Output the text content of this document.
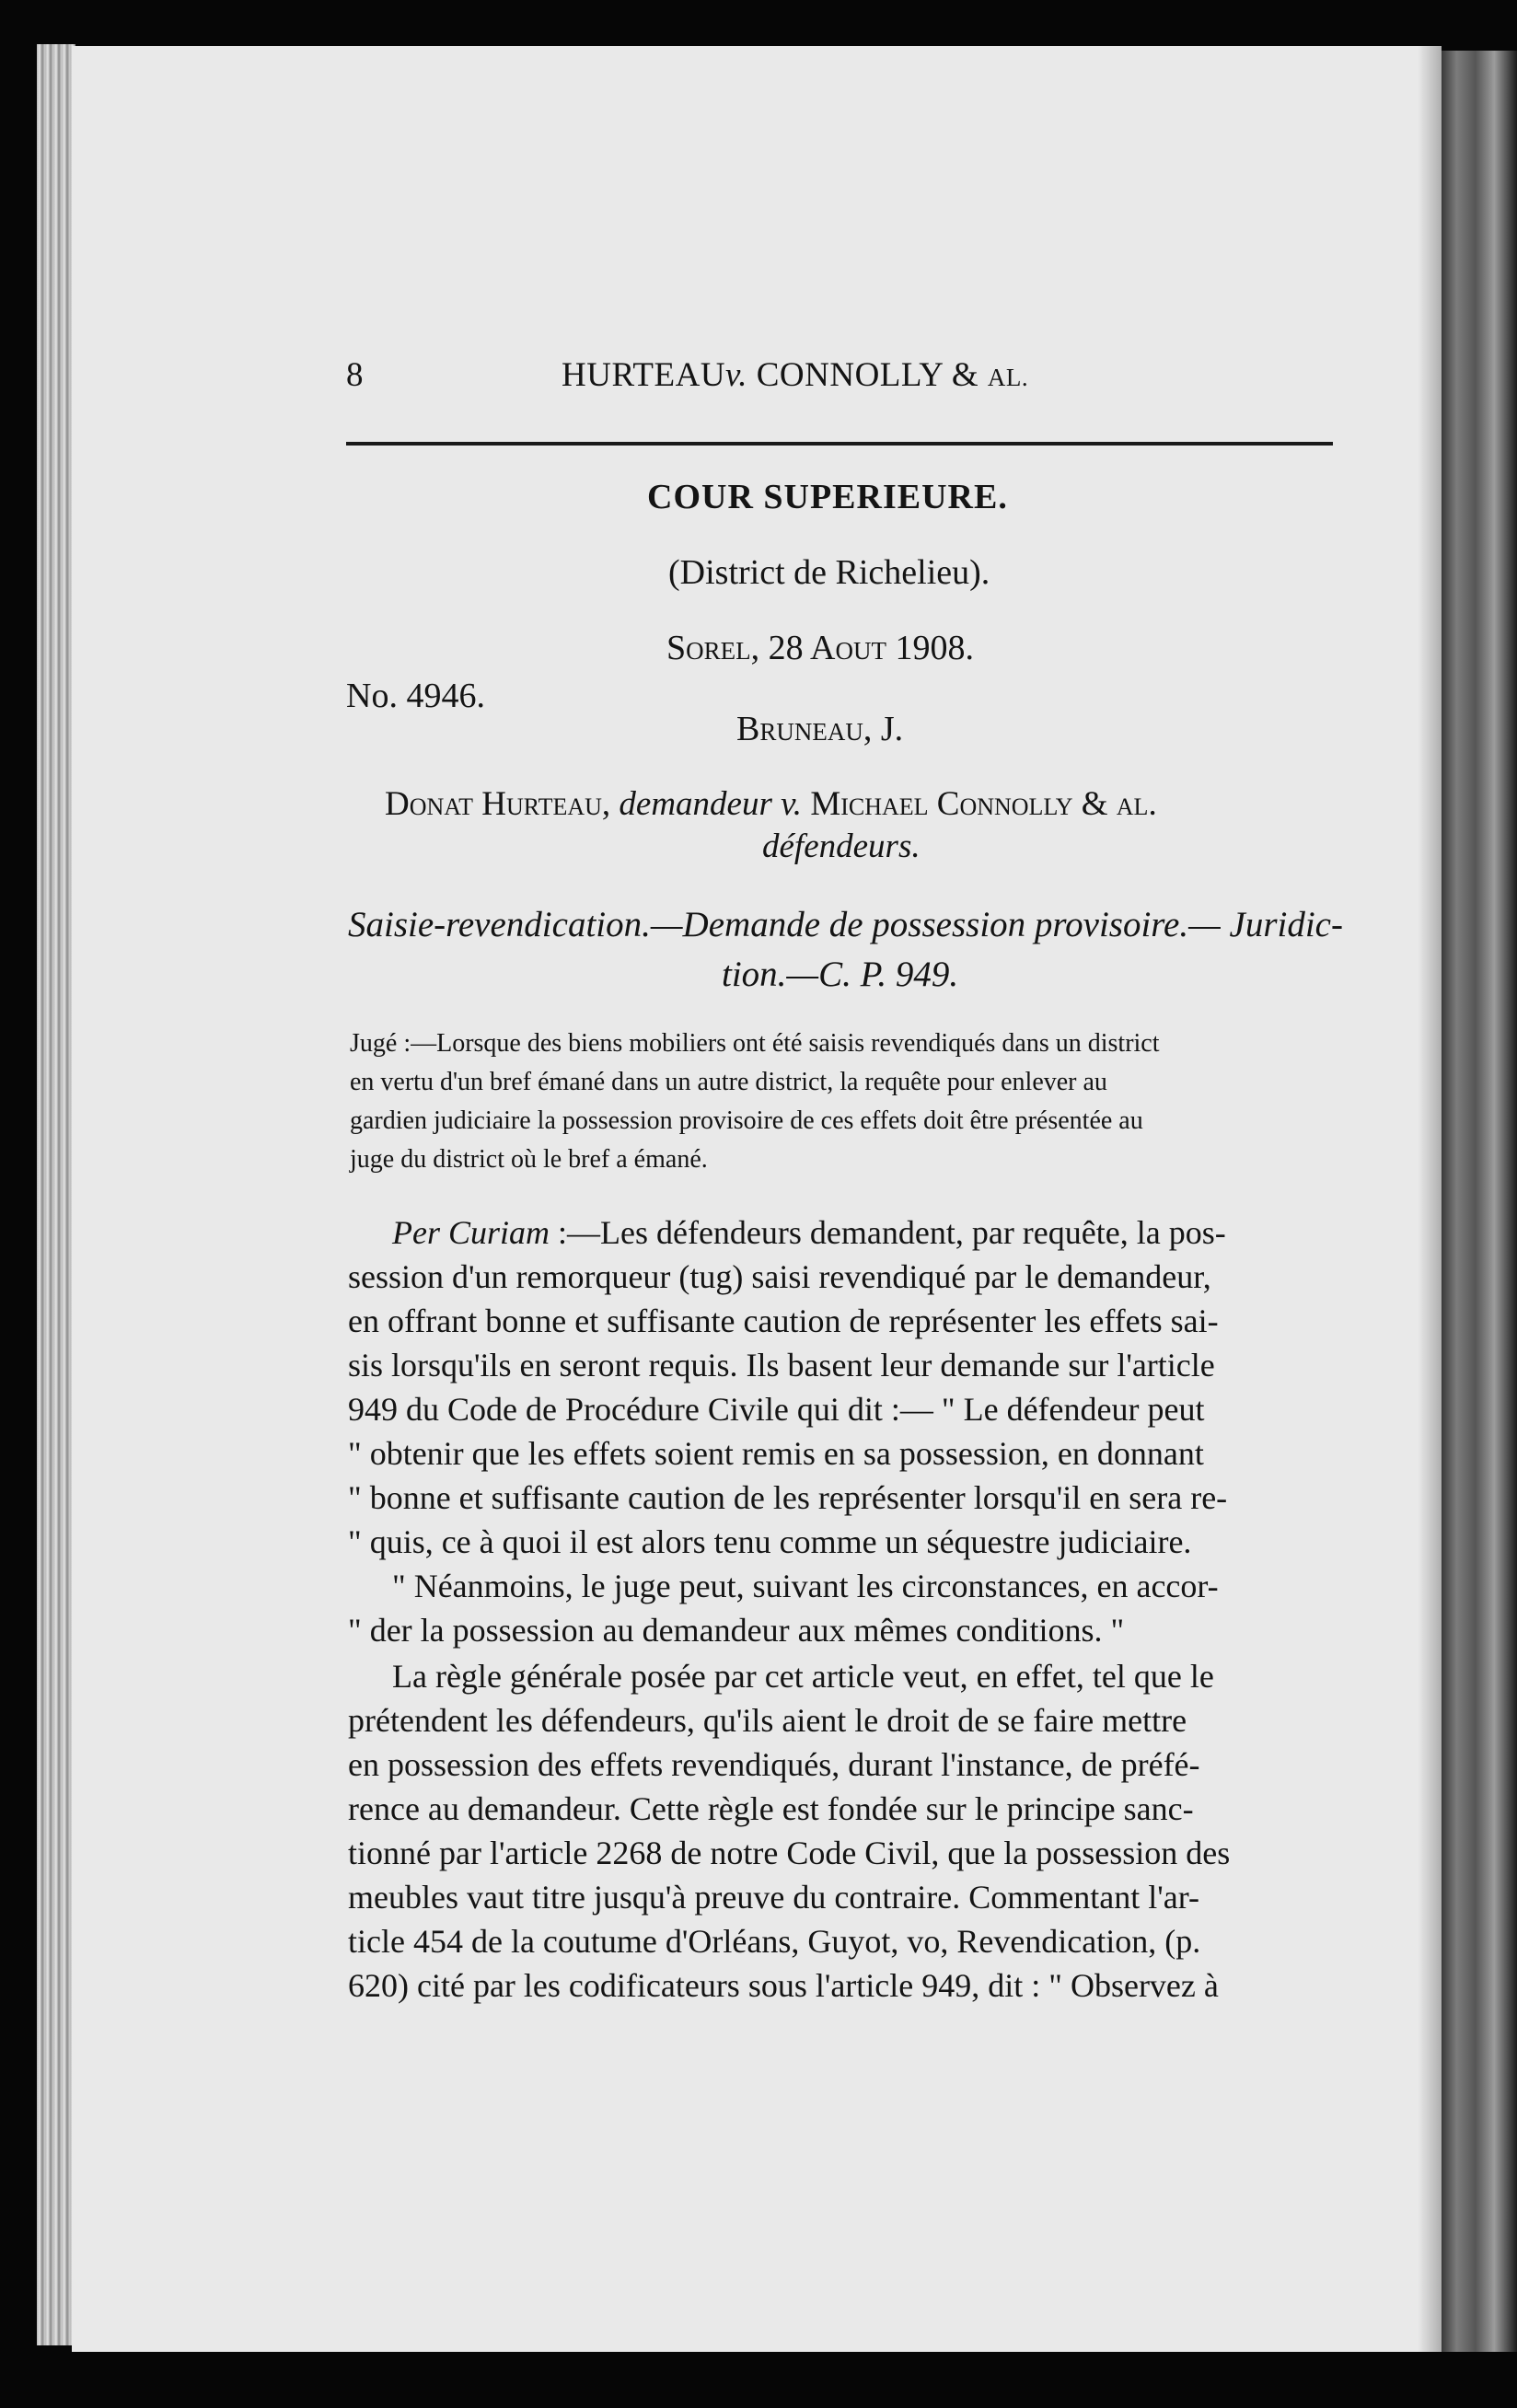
8	HURTEAUv. CONNOLLY & AL.
COUR SUPERIEURE.
(District de Richelieu).
Sorel, 28 Aout 1908.
No. 4946.
Bruneau, J.
Donat Hurteau, demandeur v. Michael Connolly & al.
défendeurs.
Saisie-revendication.—Demande de possession provisoire.— Juridic-
tion.—C. P. 949.
Jugé :—Lorsque des biens mobiliers ont été saisis revendiqués dans un district
en vertu d'un bref émané dans un autre district, la requête pour enlever au
gardien judiciaire la possession provisoire de ces effets doit être présentée au
juge du district où le bref a émané.
Per Curiam :—Les défendeurs demandent, par requête, la pos-
session d'un remorqueur (tug) saisi revendiqué par le demandeur,
en offrant bonne et suffisante caution de représenter les effets sai-
sis lorsqu'ils en seront requis. Ils basent leur demande sur l'article
949 du Code de Procédure Civile qui dit :— " Le défendeur peut
" obtenir que les effets soient remis en sa possession, en donnant
" bonne et suffisante caution de les représenter lorsqu'il en sera re-
" quis, ce à quoi il est alors tenu comme un séquestre judiciaire.
" Néanmoins, le juge peut, suivant les circonstances, en accor-
" der la possession au demandeur aux mêmes conditions. "
La règle générale posée par cet article veut, en effet, tel que le
prétendent les défendeurs, qu'ils aient le droit de se faire mettre
en possession des effets revendiqués, durant l'instance, de préfé-
rence au demandeur. Cette règle est fondée sur le principe sanc-
tionné par l'article 2268 de notre Code Civil, que la possession des
meubles vaut titre jusqu'à preuve du contraire. Commentant l'ar-
ticle 454 de la coutume d'Orléans, Guyot, vo, Revendication, (p.
620) cité par les codificateurs sous l'article 949, dit : " Observez à
